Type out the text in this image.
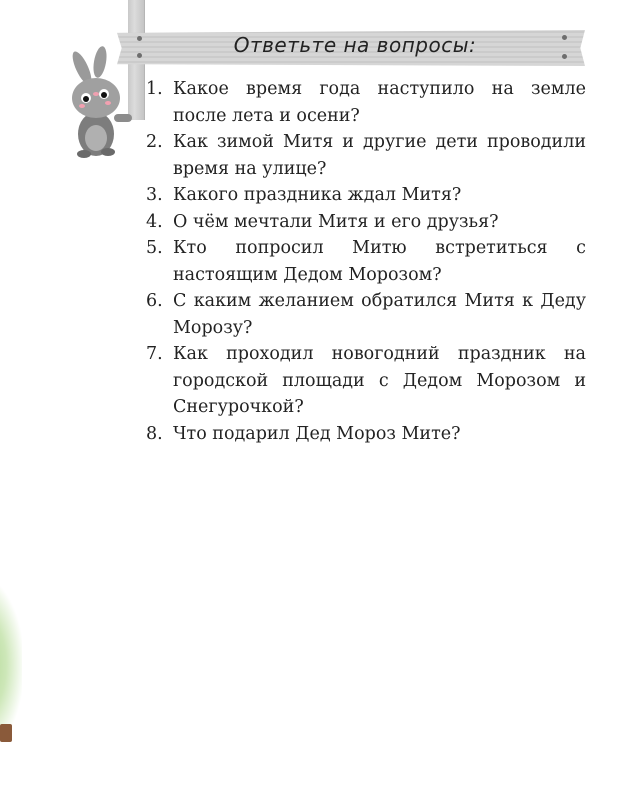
Ответьте на вопросы:
1. Какое время года наступило на земле после лета и осени?
2. Как зимой Митя и другие дети проводили время на улице?
3. Какого праздника ждал Митя?
4. О чём мечтали Митя и его друзья?
5. Кто попросил Митю встретиться с настоящим Дедом Морозом?
6. С каким желанием обратился Митя к Деду Морозу?
7. Как проходил новогодний праздник на городской площади с Дедом Морозом и Снегурочкой?
8. Что подарил Дед Мороз Мите?
